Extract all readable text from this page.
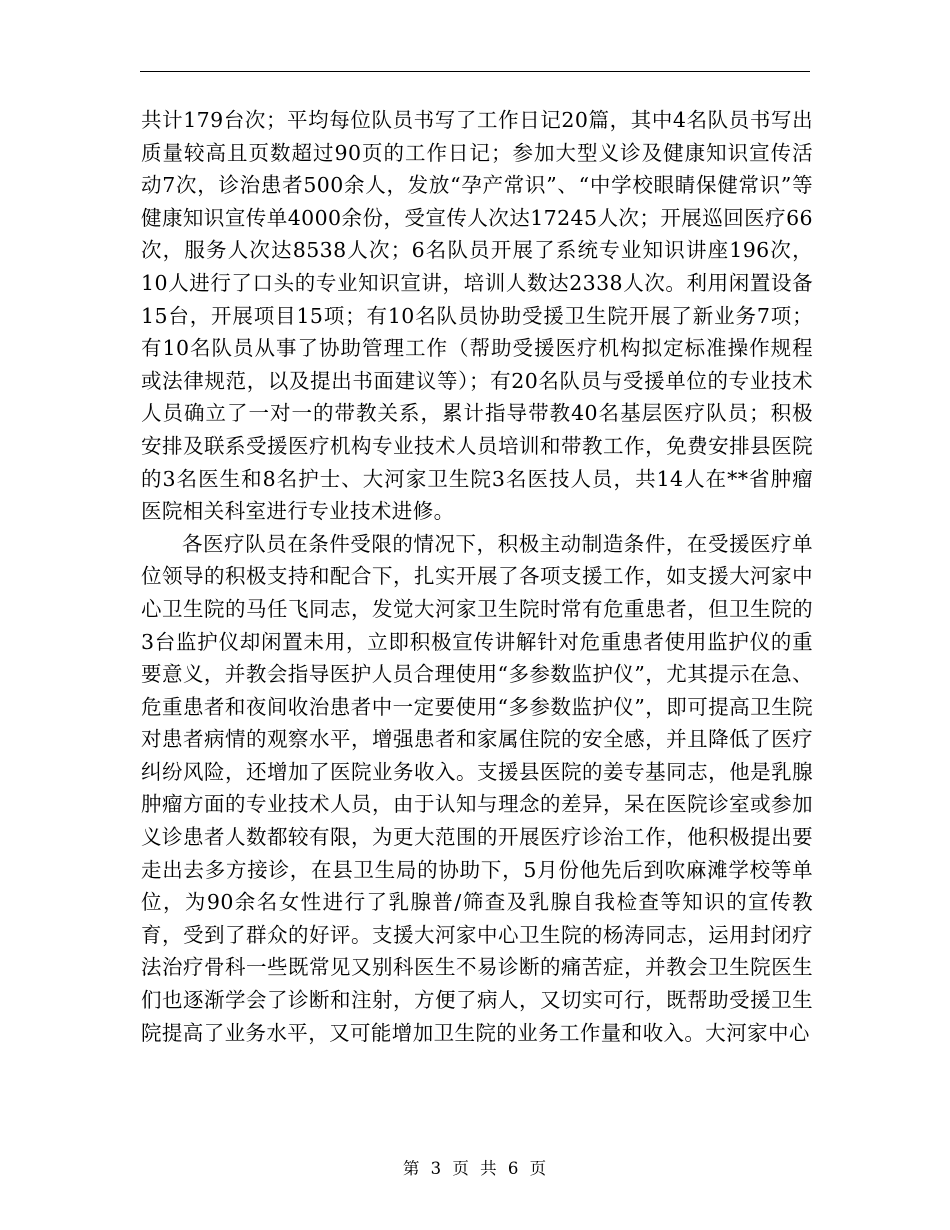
共计179台次；平均每位队员书写了工作日记20篇，其中4名队员书写出质量较高且页数超过90页的工作日记；参加大型义诊及健康知识宣传活动7次，诊治患者500余人，发放“孕产常识”、“中学校眼睛保健常识”等健康知识宣传单4000余份，受宣传人次达17245人次；开展巡回医疗66次，服务人次达8538人次；6名队员开展了系统专业知识讲座196次，10人进行了口头的专业知识宣讲，培训人数达2338人次。利用闲置设备15台，开展项目15项；有10名队员协助受援卫生院开展了新业务7项；有10名队员从事了协助管理工作（帮助受援医疗机构拟定标准操作规程或法律规范，以及提出书面建议等）；有20名队员与受援单位的专业技术人员确立了一对一的带教关系，累计指导带教40名基层医疗队员；积极安排及联系受援医疗机构专业技术人员培训和带教工作，免费安排县医院的3名医生和8名护士、大河家卫生院3名医技人员，共14人在**省肿瘤医院相关科室进行专业技术进修。

各医疗队员在条件受限的情况下，积极主动制造条件，在受援医疗单位领导的积极支持和配合下，扎实开展了各项支援工作，如支援大河家中心卫生院的马任飞同志，发觉大河家卫生院时常有危重患者，但卫生院的3台监护仪却闲置未用，立即积极宣传讲解针对危重患者使用监护仪的重要意义，并教会指导医护人员合理使用“多参数监护仪”，尤其提示在急、危重患者和夜间收治患者中一定要使用“多参数监护仪”，即可提高卫生院对患者病情的观察水平，增强患者和家属住院的安全感，并且降低了医疗纠纷风险，还增加了医院业务收入。支援县医院的姜专基同志，他是乳腺肿瘤方面的专业技术人员，由于认知与理念的差异，呆在医院诊室或参加义诊患者人数都较有限，为更大范围的开展医疗诊治工作，他积极提出要走出去多方接诊，在县卫生局的协助下，5月份他先后到吹麻滩学校等单位，为90余名女性进行了乳腺普/筛查及乳腺自我检查等知识的宣传教育，受到了群众的好评。支援大河家中心卫生院的杨涛同志，运用封闭疗法治疗骨科一些既常见又别科医生不易诊断的痛苦症，并教会卫生院医生们也逐渐学会了诊断和注射，方便了病人，又切实可行，既帮助受援卫生院提高了业务水平，又可能增加卫生院的业务工作量和收入。大河家中心

第 3 页 共 6 页
